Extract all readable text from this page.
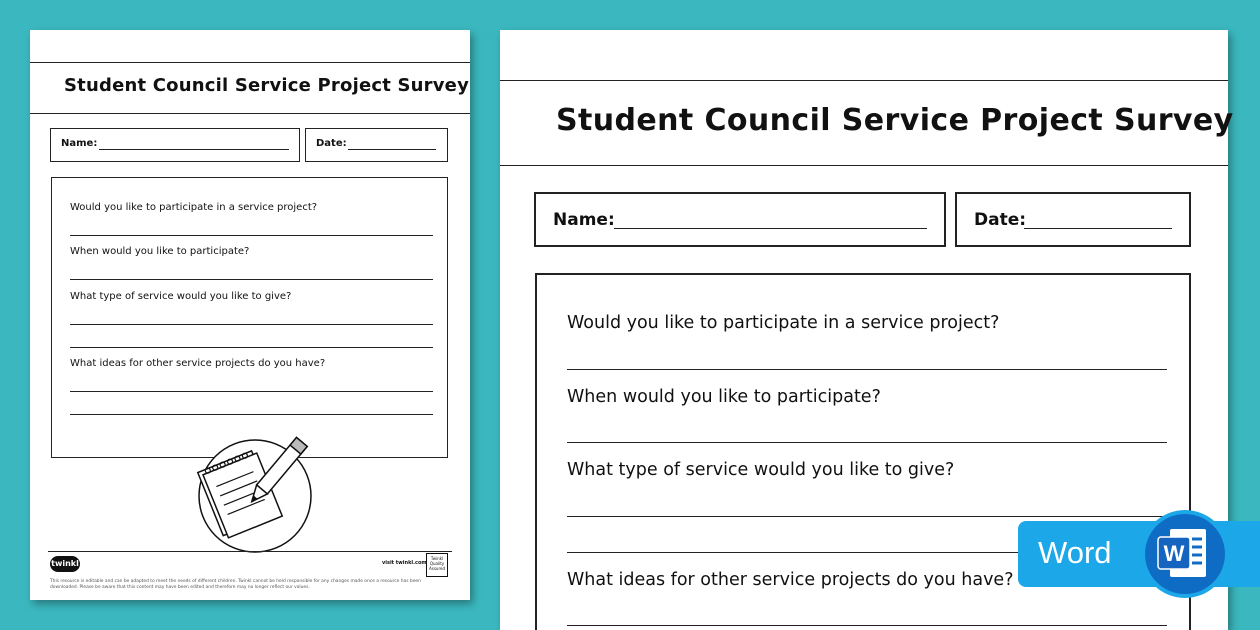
Student Council Service Project Survey
Name:	Date:
Would you like to participate in a service project?
When would you like to participate?
What type of service would you like to give?
What ideas for other service projects do you have?
twinkl	visit twinkl.com
Twinkl Quality Assured
This resource is editable and can be adapted to meet the needs of different children. Twinkl cannot be held responsible for any changes made once a resource has been downloaded. Please be aware that this content may have been edited and therefore may no longer reflect our values.
Student Council Service Project Survey
Name:	Date:
Would you like to participate in a service project?
When would you like to participate?
What type of service would you like to give?
What ideas for other service projects do you have?
Word W
